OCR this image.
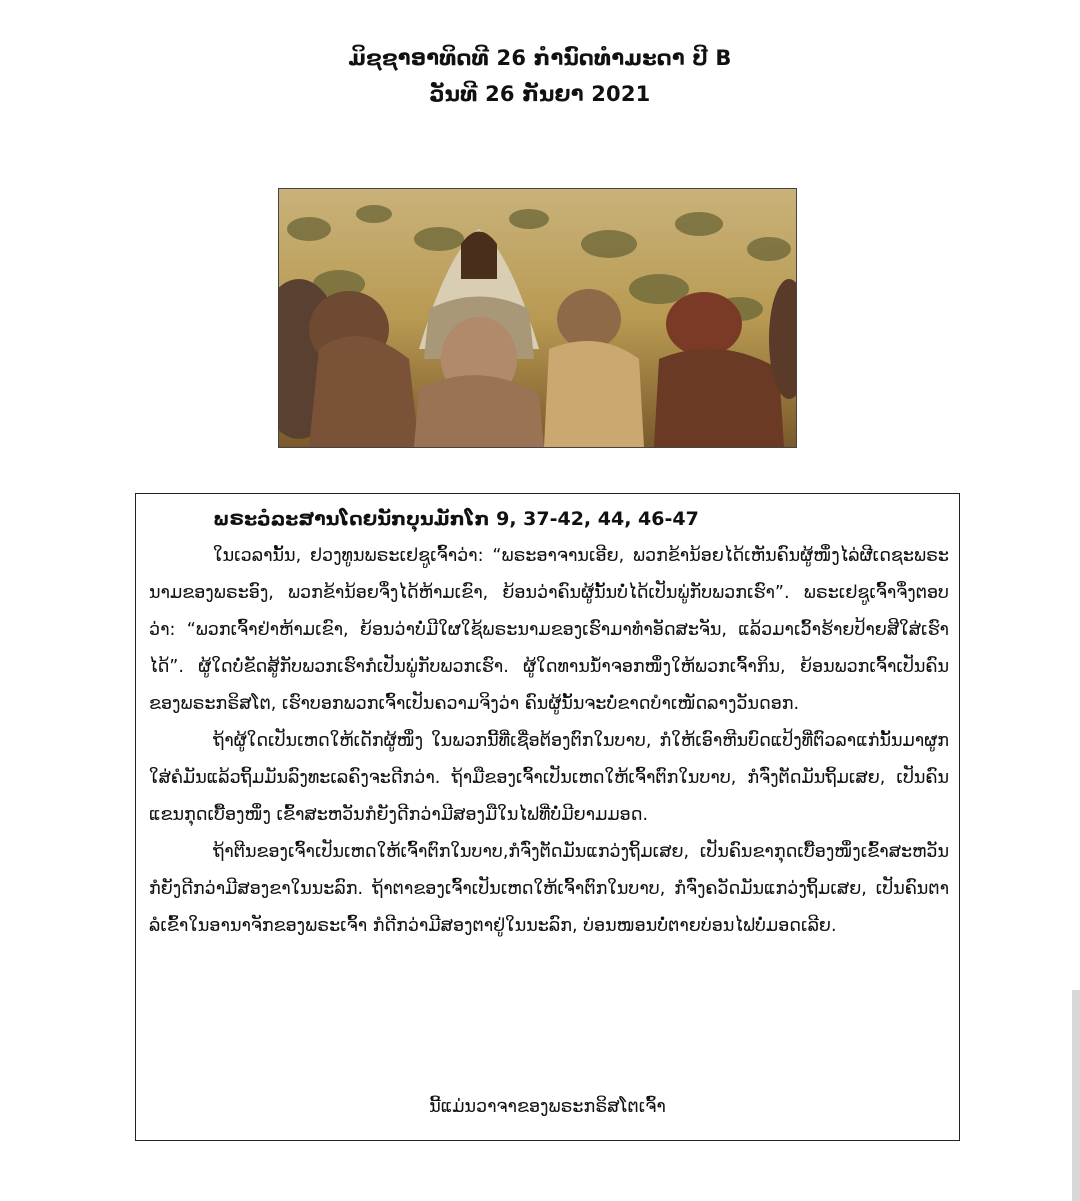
ມິຊຊາອາທິດທີ 26 ກໍານົດທໍາມະດາ ປີ B
ວັນທີ 26 ກັນຍາ 2021
ພຣະວໍລະສານໂດຍນັກບຸນມັກໂກ 9, 37-42, 44, 46-47

ໃນເວລານັ້ນ, ຢວງທູນພຣະເຢຊູເຈົ້າວ່າ: “ພຣະອາຈານເອີຍ, ພວກຂ້ານ້ອຍໄດ້ເຫັນຄົນຜູ້ໜຶ່ງໄລ່ຜີເດຊະພຣະນາມຂອງພຣະອົງ, ພວກຂ້ານ້ອຍຈຶ່ງໄດ້ຫ້າມເຂົາ, ຍ້ອນວ່າຄົນຜູ້ນັ້ນບໍ່ໄດ້ເປັນພູ່ກັບພວກເຮົາ”. ພຣະເຢຊູເຈົ້າຈຶ່ງຕອບວ່າ: “ພວກເຈົ້າຢ່າຫ້າມເຂົາ, ຍ້ອນວ່າບໍ່ມີໃຜໃຊ້ພຣະນາມຂອງເຮົາມາທໍາອັດສະຈັນ, ແລ້ວມາເວົ້າຮ້າຍປ້າຍສີໃສ່ເຮົາໄດ້”. ຜູ້ໃດບໍ່ຂັດສູ້ກັບພວກເຮົາກໍເປັນພູ່ກັບພວກເຮົາ. ຜູ້ໃດທານນໍ້າຈອກໜຶ່ງໃຫ້ພວກເຈົ້າກິນ, ຍ້ອນພວກເຈົ້າເປັນຄົນຂອງພຣະກຣິສໂຕ, ເຮົາບອກພວກເຈົ້າເປັນຄວາມຈິງວ່າ ຄົນຜູ້ນັ້ນຈະບໍ່ຂາດບໍາເໜັດລາງວັນດອກ.

ຖ້າຜູ້ໃດເປັນເຫດໃຫ້ເດັກຜູ້ໜຶ່ງ ໃນພວກນີ້ທີ່ເຊື່ອຕ້ອງຕົກໃນບາບ, ກໍໃຫ້ເອົາຫີນບົດແປ້ງທີ່ຕົວລາແກ່ນັ້ນມາຜູກໃສ່ຄໍມັນແລ້ວຖິ້ມມັນລົງທະເລຄົງຈະດີກວ່າ. ຖ້າມືຂອງເຈົ້າເປັນເຫດໃຫ້ເຈົ້າຕົກໃນບາບ, ກໍຈົ່ງຕັດມັນຖິ້ມເສຍ, ເປັນຄົນແຂນກຸດເບື້ອງໜຶ່ງ ເຂົ້າສະຫວັນກໍຍັງດີກວ່າມີສອງມືໃນໄຟທີ່ບໍ່ມີຍາມມອດ.

ຖ້າຕີນຂອງເຈົ້າເປັນເຫດໃຫ້ເຈົ້າຕົກໃນບາບ,ກໍຈົ່ງຕັດມັນແກວ່ງຖິ້ມເສຍ, ເປັນຄົນຂາກຸດເບື້ອງໜຶ່ງເຂົ້າສະຫວັນ ກໍຍັງດີກວ່າມີສອງຂາໃນນະລົກ. ຖ້າຕາຂອງເຈົ້າເປັນເຫດໃຫ້ເຈົ້າຕົກໃນບາບ, ກໍຈົ່ງຄວັດມັນແກວ່ງຖິ້ມເສຍ, ເປັນຄົນຕາລໍເຂົ້າໃນອານາຈັກຂອງພຣະເຈົ້າ ກໍດີກວ່າມີສອງຕາຢູ່ໃນນະລົກ, ບ່ອນໜອນບໍ່ຕາຍບ່ອນໄຟບໍ່ມອດເລີຍ.

ນີ້ແມ່ນວາຈາຂອງພຣະກຣິສໂຕເຈົ້າ
